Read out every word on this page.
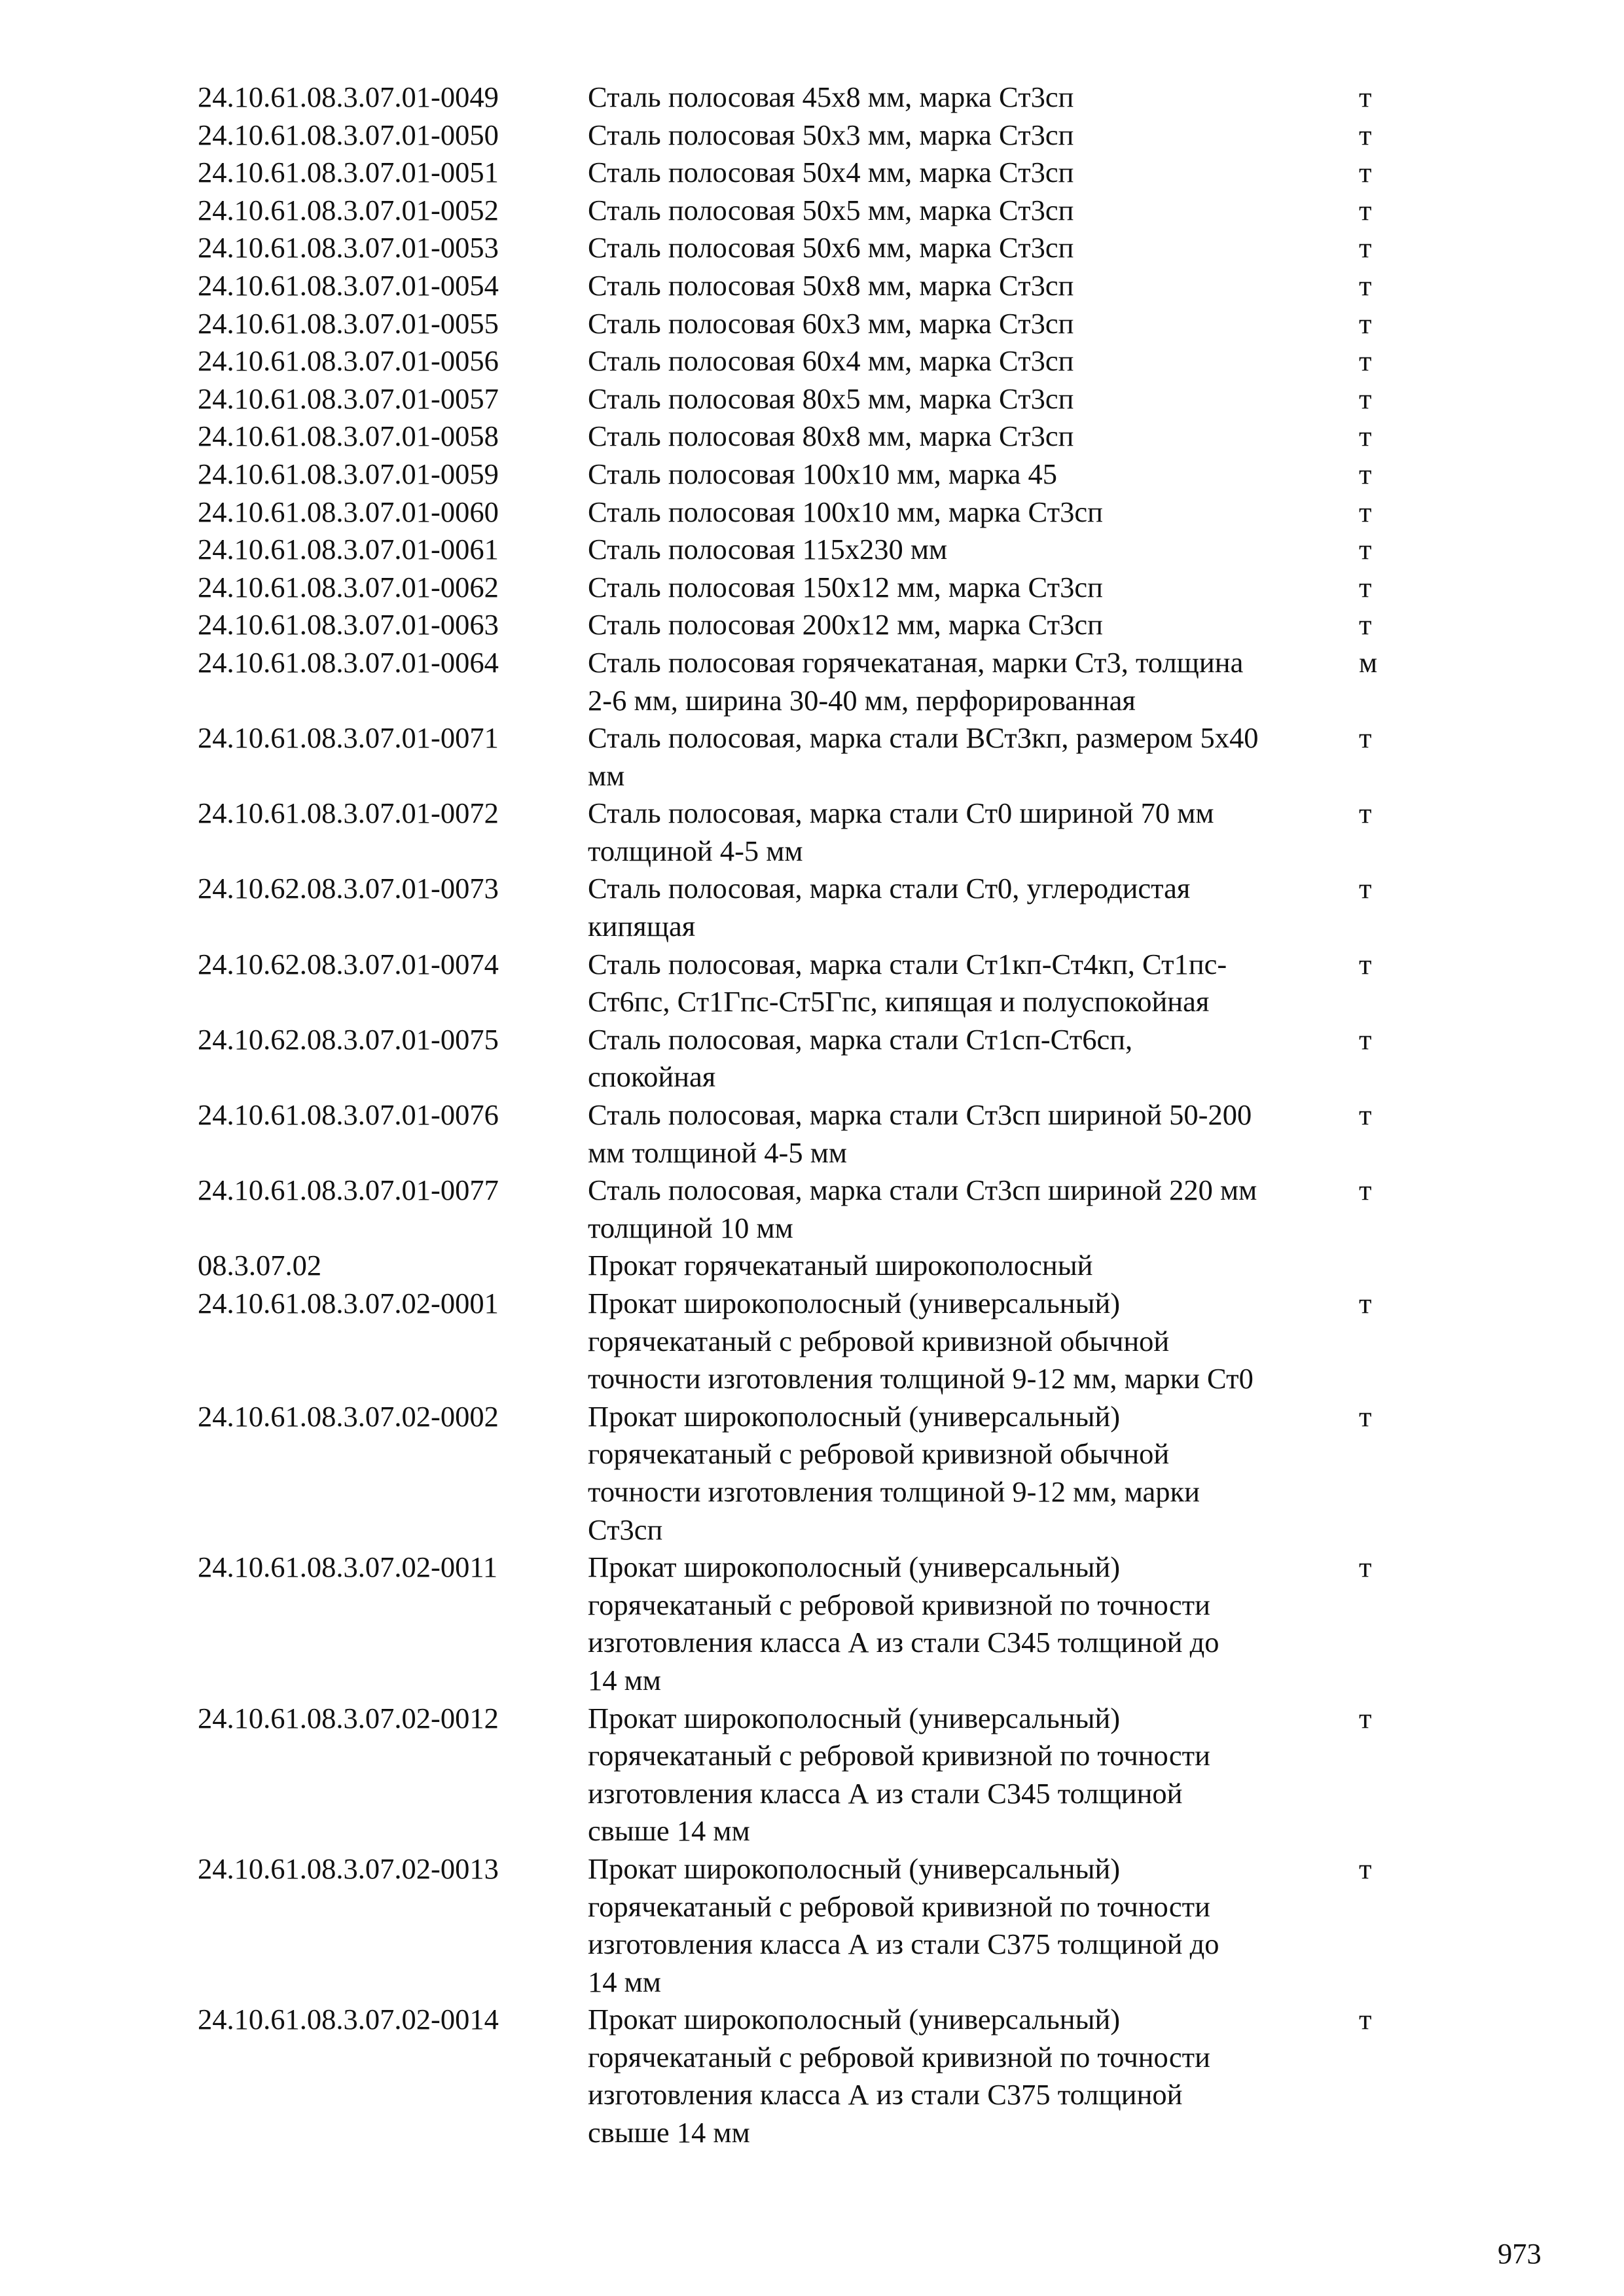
24.10.61.08.3.07.01-0049	Сталь полосовая 45х8 мм, марка Ст3сп	т
24.10.61.08.3.07.01-0050	Сталь полосовая 50х3 мм, марка Ст3сп	т
24.10.61.08.3.07.01-0051	Сталь полосовая 50х4 мм, марка Ст3сп	т
24.10.61.08.3.07.01-0052	Сталь полосовая 50х5 мм, марка Ст3сп	т
24.10.61.08.3.07.01-0053	Сталь полосовая 50х6 мм, марка Ст3сп	т
24.10.61.08.3.07.01-0054	Сталь полосовая 50х8 мм, марка Ст3сп	т
24.10.61.08.3.07.01-0055	Сталь полосовая 60х3 мм, марка Ст3сп	т
24.10.61.08.3.07.01-0056	Сталь полосовая 60х4 мм, марка Ст3сп	т
24.10.61.08.3.07.01-0057	Сталь полосовая 80х5 мм, марка Ст3сп	т
24.10.61.08.3.07.01-0058	Сталь полосовая 80х8 мм, марка Ст3сп	т
24.10.61.08.3.07.01-0059	Сталь полосовая 100х10 мм, марка 45	т
24.10.61.08.3.07.01-0060	Сталь полосовая 100х10 мм, марка Ст3сп	т
24.10.61.08.3.07.01-0061	Сталь полосовая 115х230 мм	т
24.10.61.08.3.07.01-0062	Сталь полосовая 150х12 мм, марка Ст3сп	т
24.10.61.08.3.07.01-0063	Сталь полосовая 200х12 мм, марка Ст3сп	т
24.10.61.08.3.07.01-0064	Сталь полосовая горячекатаная, марки Ст3, толщина
2-6 мм, ширина 30-40 мм, перфорированная
м
24.10.61.08.3.07.01-0071	Сталь полосовая, марка стали ВСт3кп, размером 5х40
мм
т
24.10.61.08.3.07.01-0072	Сталь полосовая, марка стали Ст0 шириной 70 мм
толщиной 4-5 мм
т
24.10.62.08.3.07.01-0073	Сталь полосовая, марка стали Ст0, углеродистая
кипящая
т
24.10.62.08.3.07.01-0074	Сталь полосовая, марка стали Ст1кп-Ст4кп, Ст1пс-
Ст6пс, Ст1Гпс-Ст5Гпс, кипящая и полуспокойная
т
24.10.62.08.3.07.01-0075	Сталь полосовая, марка стали Ст1сп-Ст6сп,
спокойная
т
24.10.61.08.3.07.01-0076	Сталь полосовая, марка стали Ст3сп шириной 50-200
мм толщиной 4-5 мм
т
24.10.61.08.3.07.01-0077	Сталь полосовая, марка стали Ст3сп шириной 220 мм
толщиной 10 мм
т
08.3.07.02	Прокат горячекатаный широкополосный
24.10.61.08.3.07.02-0001	Прокат широкополосный (универсальный)
горячекатаный с ребровой кривизной обычной
точности изготовления толщиной 9-12 мм, марки Ст0
т
24.10.61.08.3.07.02-0002	Прокат широкополосный (универсальный)
горячекатаный с ребровой кривизной обычной
точности изготовления толщиной 9-12 мм, марки
Ст3сп
т
24.10.61.08.3.07.02-0011	Прокат широкополосный (универсальный)
горячекатаный с ребровой кривизной по точности
изготовления класса А из стали С345 толщиной до
14 мм
т
24.10.61.08.3.07.02-0012	Прокат широкополосный (универсальный)
горячекатаный с ребровой кривизной по точности
изготовления класса А из стали С345 толщиной
свыше 14 мм
т
24.10.61.08.3.07.02-0013	Прокат широкополосный (универсальный)
горячекатаный с ребровой кривизной по точности
изготовления класса А из стали С375 толщиной до
14 мм
т
24.10.61.08.3.07.02-0014	Прокат широкополосный (универсальный)
горячекатаный с ребровой кривизной по точности
изготовления класса А из стали С375 толщиной
свыше 14 мм
т
973
